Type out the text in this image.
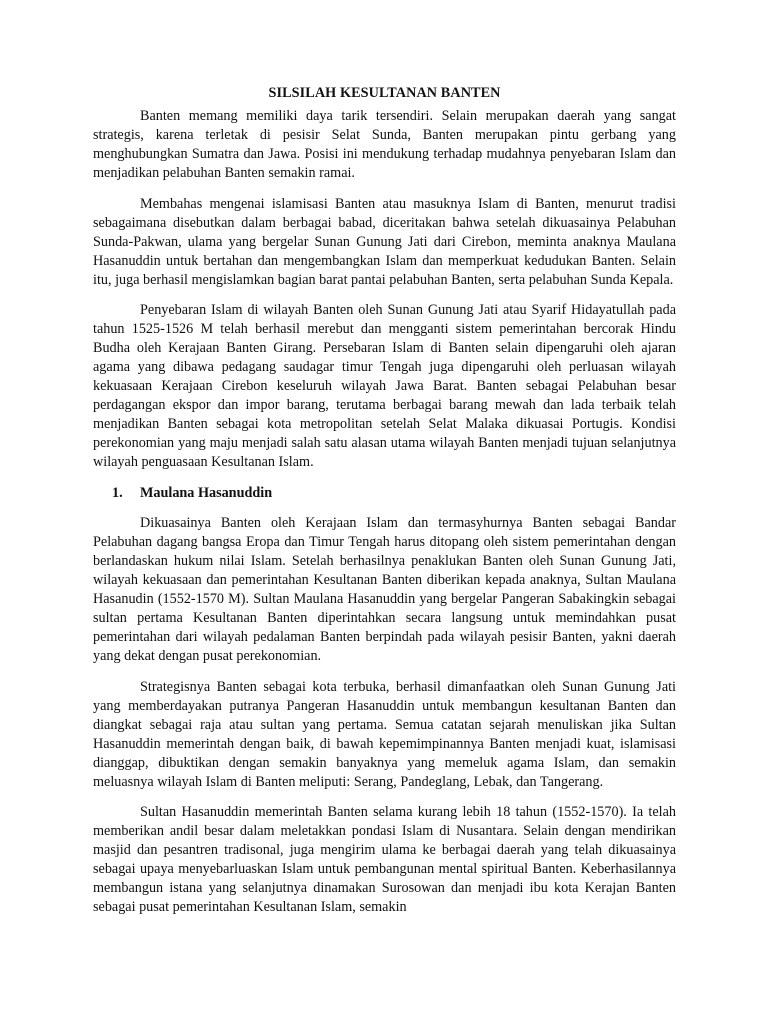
SILSILAH KESULTANAN BANTEN

Banten memang memiliki daya tarik tersendiri. Selain merupakan daerah yang sangat strategis, karena terletak di pesisir Selat Sunda, Banten merupakan pintu gerbang yang menghubungkan Sumatra dan Jawa. Posisi ini mendukung terhadap mudahnya penyebaran Islam dan menjadikan pelabuhan Banten semakin ramai.

Membahas mengenai islamisasi Banten atau masuknya Islam di Banten, menurut tradisi sebagaimana disebutkan dalam berbagai babad, diceritakan bahwa setelah dikuasainya Pelabuhan Sunda-Pakwan, ulama yang bergelar Sunan Gunung Jati dari Cirebon, meminta anaknya Maulana Hasanuddin untuk bertahan dan mengembangkan Islam dan memperkuat kedudukan Banten. Selain itu, juga berhasil mengislamkan bagian barat pantai pelabuhan Banten, serta pelabuhan Sunda Kepala.

Penyebaran Islam di wilayah Banten oleh Sunan Gunung Jati atau Syarif Hidayatullah pada tahun 1525-1526 M telah berhasil merebut dan mengganti sistem pemerintahan bercorak Hindu Budha oleh Kerajaan Banten Girang. Persebaran Islam di Banten selain dipengaruhi oleh ajaran agama yang dibawa pedagang saudagar timur Tengah juga dipengaruhi oleh perluasan wilayah kekuasaan Kerajaan Cirebon keseluruh wilayah Jawa Barat. Banten sebagai Pelabuhan besar perdagangan ekspor dan impor barang, terutama berbagai barang mewah dan lada terbaik telah menjadikan Banten sebagai kota metropolitan setelah Selat Malaka dikuasai Portugis. Kondisi perekonomian yang maju menjadi salah satu alasan utama wilayah Banten menjadi tujuan selanjutnya wilayah penguasaan Kesultanan Islam.

1.	Maulana Hasanuddin

Dikuasainya Banten oleh Kerajaan Islam dan termasyhurnya Banten sebagai Bandar Pelabuhan dagang bangsa Eropa dan Timur Tengah harus ditopang oleh sistem pemerintahan dengan berlandaskan hukum nilai Islam. Setelah berhasilnya penaklukan Banten oleh Sunan Gunung Jati, wilayah kekuasaan dan pemerintahan Kesultanan Banten diberikan kepada anaknya, Sultan Maulana Hasanudin (1552-1570 M). Sultan Maulana Hasanuddin yang bergelar Pangeran Sabakingkin sebagai sultan pertama Kesultanan Banten diperintahkan secara langsung untuk memindahkan pusat pemerintahan dari wilayah pedalaman Banten berpindah pada wilayah pesisir Banten, yakni daerah yang dekat dengan pusat perekonomian.

Strategisnya Banten sebagai kota terbuka, berhasil dimanfaatkan oleh Sunan Gunung Jati yang memberdayakan putranya Pangeran Hasanuddin untuk membangun kesultanan Banten dan diangkat sebagai raja atau sultan yang pertama. Semua catatan sejarah menuliskan jika Sultan Hasanuddin memerintah dengan baik, di bawah kepemimpinannya Banten menjadi kuat, islamisasi dianggap, dibuktikan dengan semakin banyaknya yang memeluk agama Islam, dan semakin meluasnya wilayah Islam di Banten meliputi: Serang, Pandeglang, Lebak, dan Tangerang.

Sultan Hasanuddin memerintah Banten selama kurang lebih 18 tahun (1552-1570). Ia telah memberikan andil besar dalam meletakkan pondasi Islam di Nusantara. Selain dengan mendirikan masjid dan pesantren tradisonal, juga mengirim ulama ke berbagai daerah yang telah dikuasainya sebagai upaya menyebarluaskan Islam untuk pembangunan mental spiritual Banten. Keberhasilannya membangun istana yang selanjutnya dinamakan Surosowan dan menjadi ibu kota Kerajan Banten sebagai pusat pemerintahan Kesultanan Islam, semakin
